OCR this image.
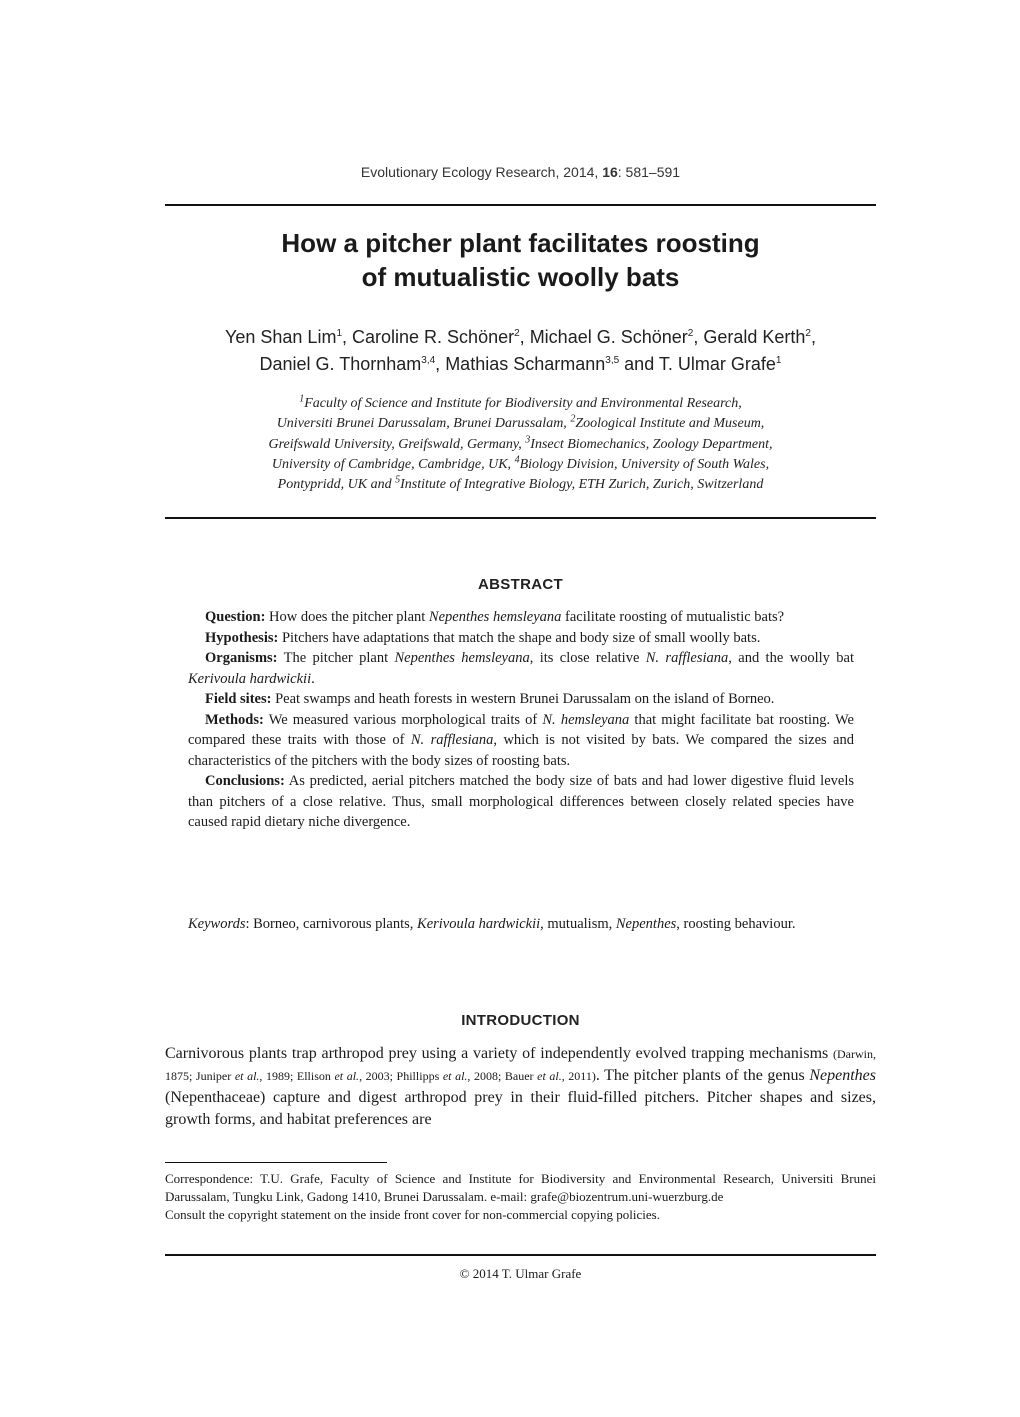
Evolutionary Ecology Research, 2014, 16: 581–591
How a pitcher plant facilitates roosting
of mutualistic woolly bats
Yen Shan Lim$^1$, Caroline R. Schöner$^2$, Michael G. Schöner$^2$, Gerald Kerth$^2$,
Daniel G. Thornham$^{3,4}$, Mathias Scharmann$^{3,5}$ and T. Ulmar Grafe$^1$
$^1$Faculty of Science and Institute for Biodiversity and Environmental Research,
Universiti Brunei Darussalam, Brunei Darussalam, $^2$Zoological Institute and Museum,
Greifswald University, Greifswald, Germany, $^3$Insect Biomechanics, Zoology Department,
University of Cambridge, Cambridge, UK, $^4$Biology Division, University of South Wales,
Pontypridd, UK and $^5$Institute of Integrative Biology, ETH Zurich, Zurich, Switzerland
ABSTRACT

Question: How does the pitcher plant Nepenthes hemsleyana facilitate roosting of mutualistic bats?

Hypothesis: Pitchers have adaptations that match the shape and body size of small woolly bats.

Organisms: The pitcher plant Nepenthes hemsleyana, its close relative N. rafflesiana, and the woolly bat Kerivoula hardwickii.

Field sites: Peat swamps and heath forests in western Brunei Darussalam on the island of Borneo.

Methods: We measured various morphological traits of N. hemsleyana that might facilitate bat roosting. We compared these traits with those of N. rafflesiana, which is not visited by bats. We compared the sizes and characteristics of the pitchers with the body sizes of roosting bats.

Conclusions: As predicted, aerial pitchers matched the body size of bats and had lower digestive fluid levels than pitchers of a close relative. Thus, small morphological differences between closely related species have caused rapid dietary niche divergence.

Keywords: Borneo, carnivorous plants, Kerivoula hardwickii, mutualism, Nepenthes, roosting behaviour.
INTRODUCTION
Carnivorous plants trap arthropod prey using a variety of independently evolved trapping mechanisms (Darwin, 1875; Juniper et al., 1989; Ellison et al., 2003; Phillipps et al., 2008; Bauer et al., 2011). The pitcher plants of the genus Nepenthes (Nepenthaceae) capture and digest arthropod prey in their fluid-filled pitchers. Pitcher shapes and sizes, growth forms, and habitat preferences are

Correspondence: T.U. Grafe, Faculty of Science and Institute for Biodiversity and Environmental Research, Universiti Brunei Darussalam, Tungku Link, Gadong 1410, Brunei Darussalam. e-mail: grafe@biozentrum.uni-wuerzburg.de

Consult the copyright statement on the inside front cover for non-commercial copying policies.

© 2014 T. Ulmar Grafe
